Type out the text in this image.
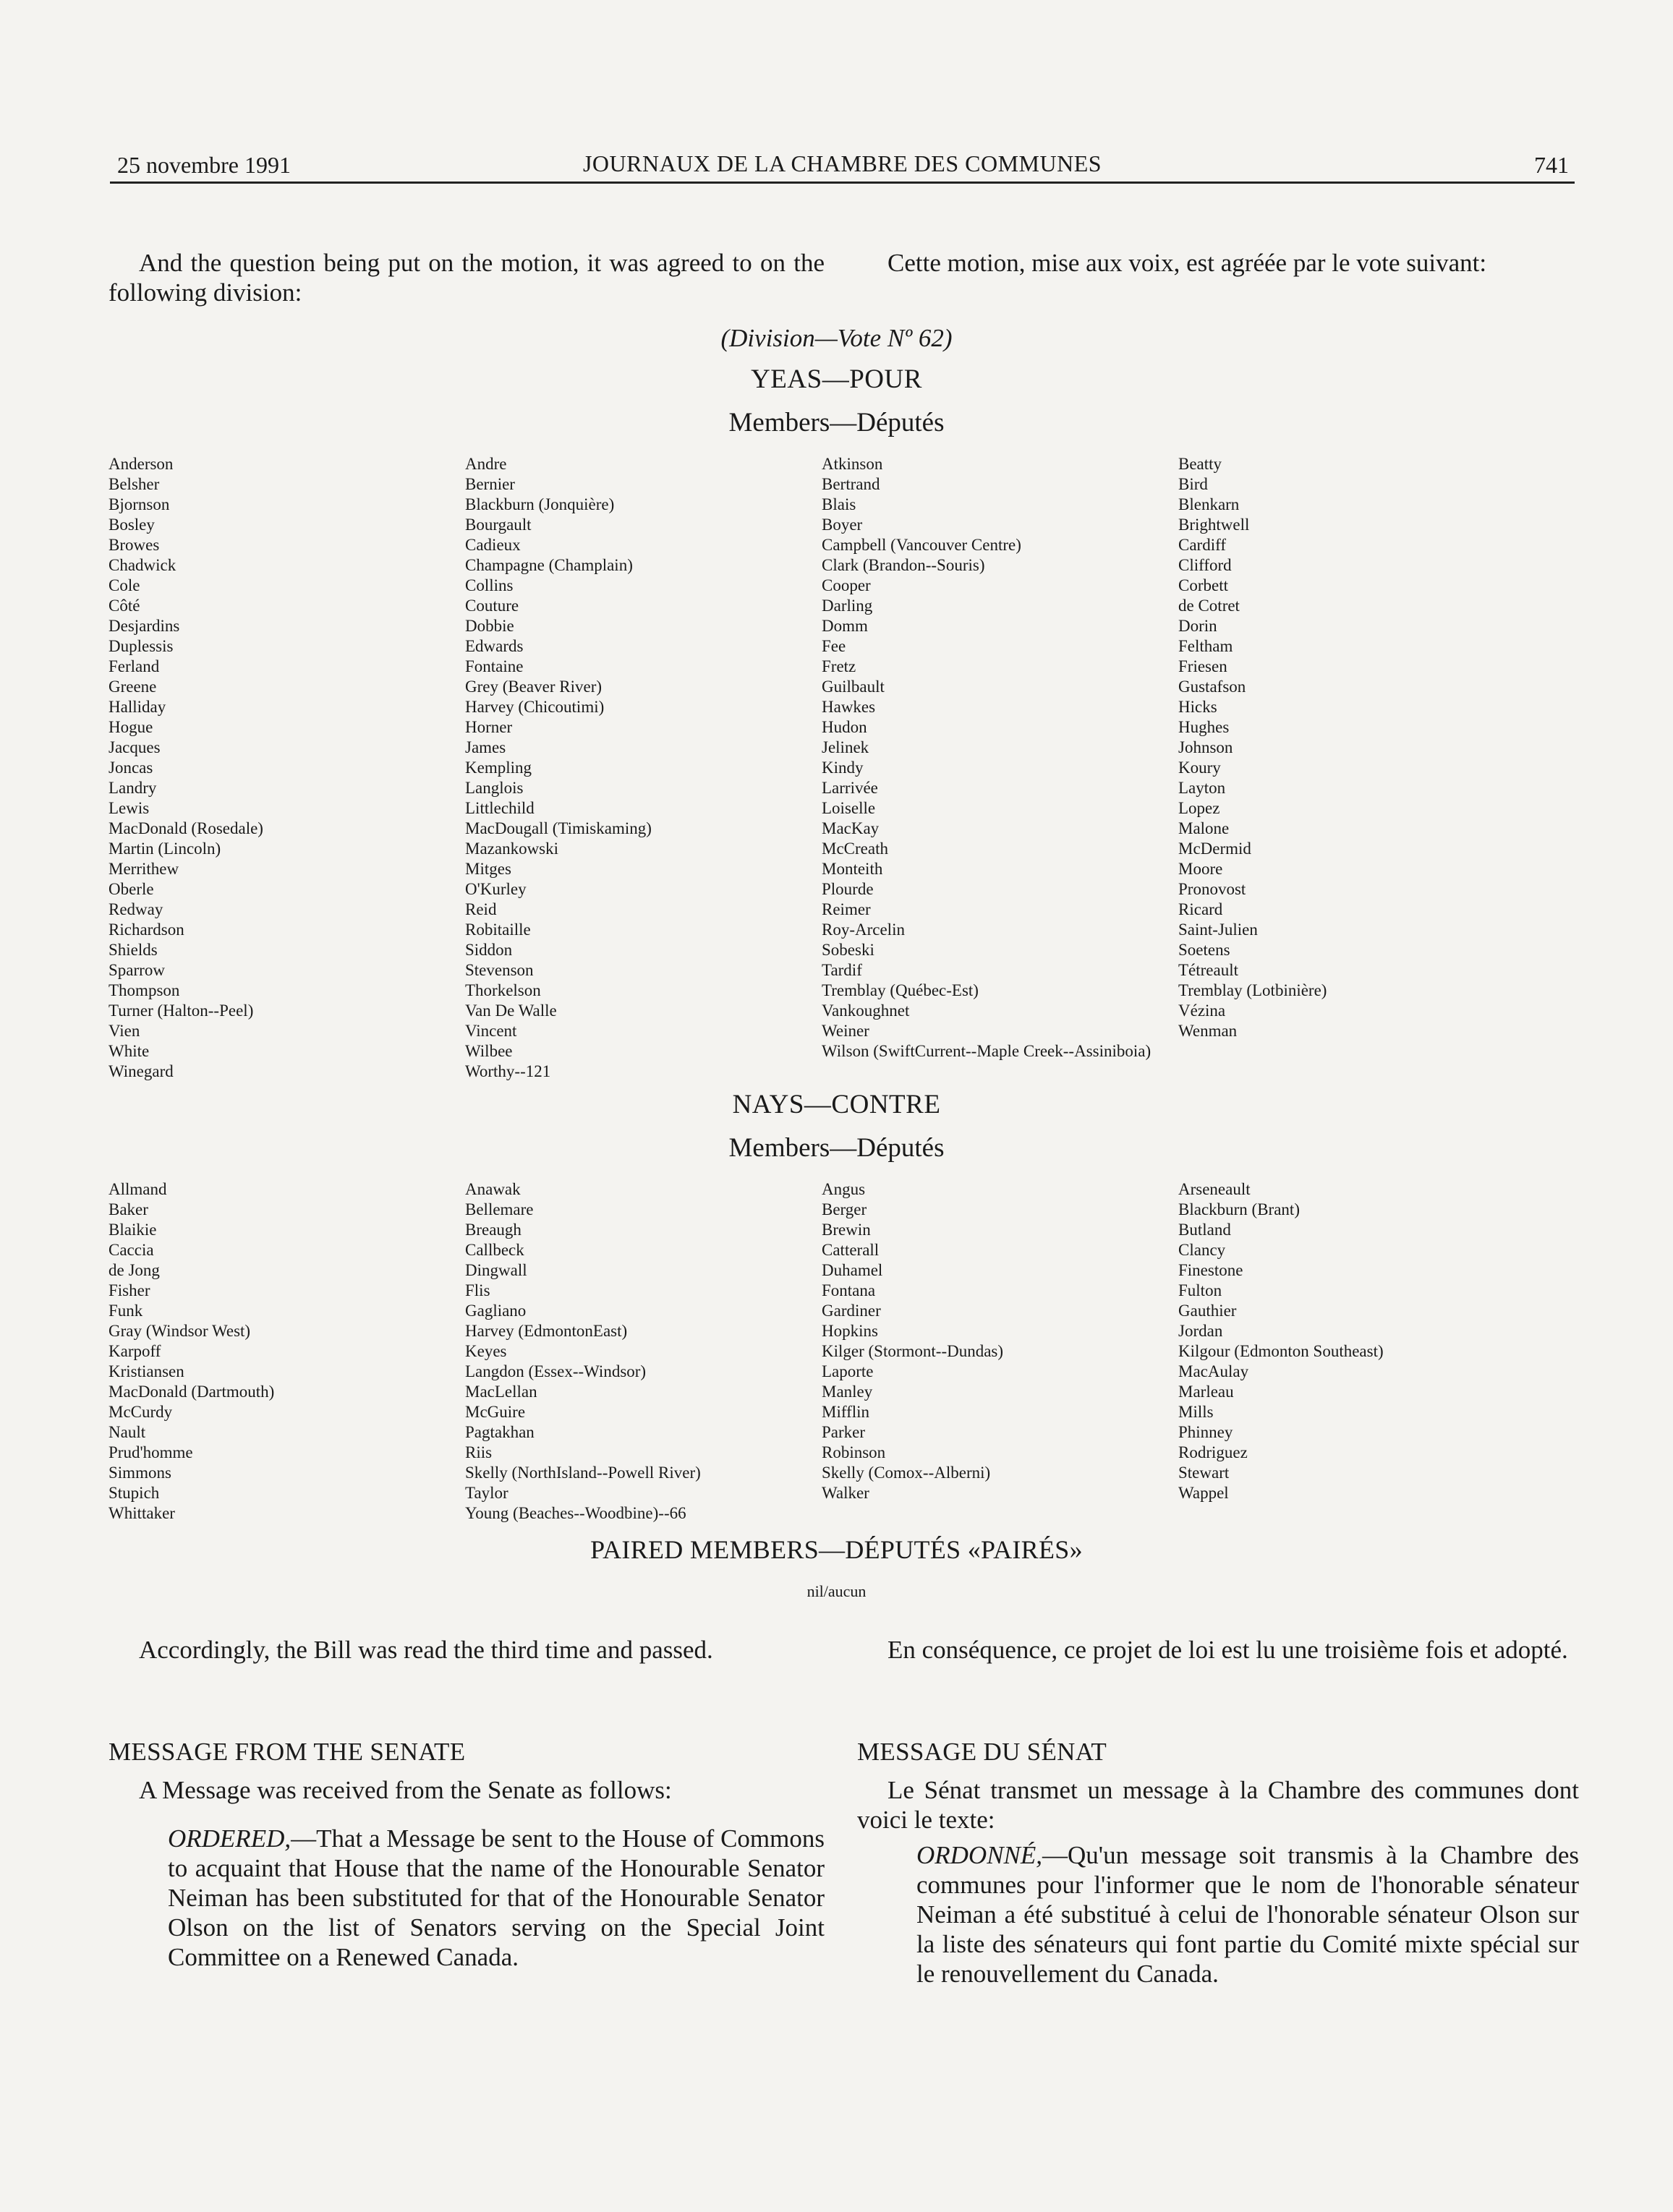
JOURNAUX DE LA CHAMBRE DES COMMUNES
25 novembre 1991	741

And the question being put on the motion, it was agreed to on the following division:

Cette motion, mise aux voix, est agréée par le vote suivant:

(Division—Vote Nº 62)
YEAS—POUR
Members—Députés
Anderson
Belsher
Bjornson
Bosley
Browes
Chadwick
Cole
Côté
Desjardins
Duplessis
Ferland
Greene
Halliday
Hogue
Jacques
Joncas
Landry
Lewis
MacDonald (Rosedale)
Martin (Lincoln)
Merrithew
Oberle
Redway
Richardson
Shields
Sparrow
Thompson
Turner (Halton--Peel)
Vien
White
Winegard
Andre
Bernier
Blackburn (Jonquière)
Bourgault
Cadieux
Champagne (Champlain)
Collins
Couture
Dobbie
Edwards
Fontaine
Grey (Beaver River)
Harvey (Chicoutimi)
Horner
James
Kempling
Langlois
Littlechild
MacDougall (Timiskaming)
Mazankowski
Mitges
O'Kurley
Reid
Robitaille
Siddon
Stevenson
Thorkelson
Van De Walle
Vincent
Wilbee
Worthy--121
Atkinson
Bertrand
Blais
Boyer
Campbell (Vancouver Centre)
Clark (Brandon--Souris)
Cooper
Darling
Domm
Fee
Fretz
Guilbault
Hawkes
Hudon
Jelinek
Kindy
Larrivée
Loiselle
MacKay
McCreath
Monteith
Plourde
Reimer
Roy-Arcelin
Sobeski
Tardif
Tremblay (Québec-Est)
Vankoughnet
Weiner
Wilson (SwiftCurrent--Maple Creek--Assiniboia)
Beatty
Bird
Blenkarn
Brightwell
Cardiff
Clifford
Corbett
de Cotret
Dorin
Feltham
Friesen
Gustafson
Hicks
Hughes
Johnson
Koury
Layton
Lopez
Malone
McDermid
Moore
Pronovost
Ricard
Saint-Julien
Soetens
Tétreault
Tremblay (Lotbinière)
Vézina
Wenman
NAYS—CONTRE
Members—Députés
Allmand
Baker
Blaikie
Caccia
de Jong
Fisher
Funk
Gray (Windsor West)
Karpoff
Kristiansen
MacDonald (Dartmouth)
McCurdy
Nault
Prud'homme
Simmons
Stupich
Whittaker
Anawak
Bellemare
Breaugh
Callbeck
Dingwall
Flis
Gagliano
Harvey (EdmontonEast)
Keyes
Langdon (Essex--Windsor)
MacLellan
McGuire
Pagtakhan
Riis
Skelly (NorthIsland--Powell River)
Taylor
Young (Beaches--Woodbine)--66
Angus
Berger
Brewin
Catterall
Duhamel
Fontana
Gardiner
Hopkins
Kilger (Stormont--Dundas)
Laporte
Manley
Mifflin
Parker
Robinson
Skelly (Comox--Alberni)
Walker
Arseneault
Blackburn (Brant)
Butland
Clancy
Finestone
Fulton
Gauthier
Jordan
Kilgour (Edmonton Southeast)
MacAulay
Marleau
Mills
Phinney
Rodriguez
Stewart
Wappel
PAIRED MEMBERS—DÉPUTÉS «PAIRÉS»
nil/aucun

Accordingly, the Bill was read the third time and passed.	En conséquence, ce projet de loi est lu une troisième fois et adopté.

MESSAGE FROM THE SENATE

A Message was received from the Senate as follows:

ORDERED,—That a Message be sent to the House of Commons to acquaint that House that the name of the Honourable Senator Neiman has been substituted for that of the Honourable Senator Olson on the list of Senators serving on the Special Joint Committee on a Renewed Canada.

MESSAGE DU SÉNAT

Le Sénat transmet un message à la Chambre des communes dont voici le texte:

ORDONNÉ,—Qu'un message soit transmis à la Chambre des communes pour l'informer que le nom de l'honorable sénateur Neiman a été substitué à celui de l'honorable sénateur Olson sur la liste des sénateurs qui font partie du Comité mixte spécial sur le renouvellement du Canada.
